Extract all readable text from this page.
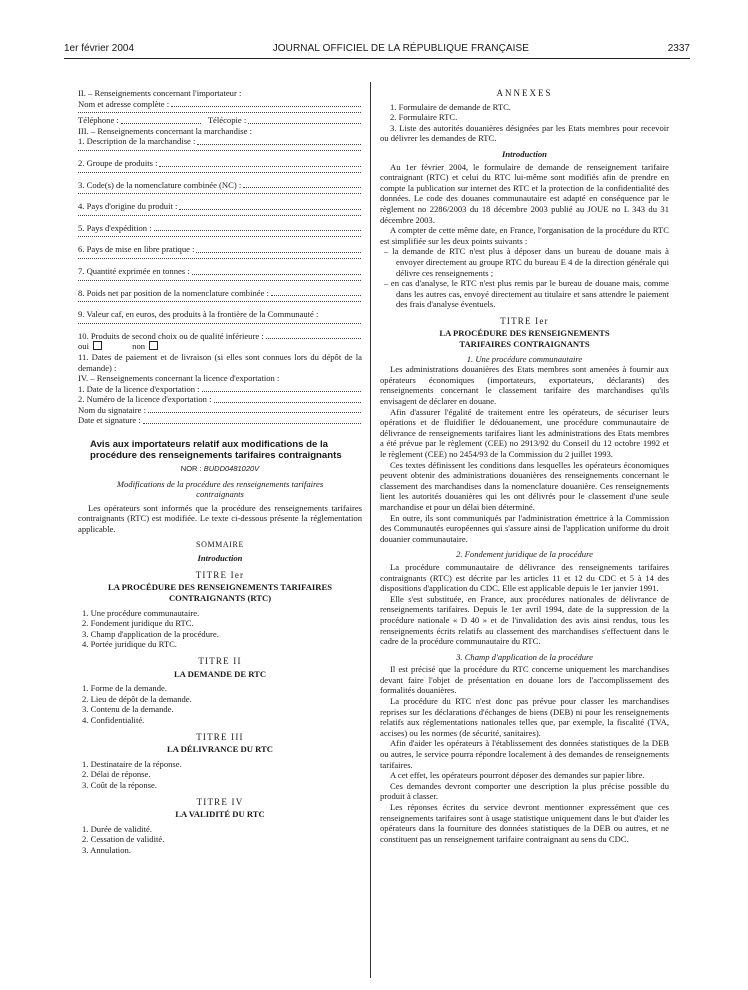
1er février 2004	JOURNAL OFFICIEL DE LA RÉPUBLIQUE FRANÇAISE	2337
II. – Renseignements concernant l'importateur :
Nom et adresse complète :
Téléphone :	Télécopie :
III. – Renseignements concernant la marchandise :
1. Description de la marchandise :
2. Groupe de produits :
3. Code(s) de la nomenclature combinée (NC) :
4. Pays d'origine du produit :
5. Pays d'expédition :
6. Pays de mise en libre pratique :
7. Quantité exprimée en tonnes :
8. Poids net par position de la nomenclature combinée :

9. Valeur caf, en euros, des produits à la frontière de la Communauté :

10. Produits de second choix ou de qualité inférieure :
oui	non

11. Dates de paiement et de livraison (si elles sont connues lors du dépôt de la demande) :

IV. – Renseignements concernant la licence d'exportation :
1. Date de la licence d'exportation :
2. Numéro de la licence d'exportation :
Nom du signataire :
Date et signature :
Avis aux importateurs relatif aux modifications de la procédure des renseignements tarifaires contraignants
NOR : BUDD0481020V
Modifications de la procédure des renseignements tarifaires contraignants

Les opérateurs sont informés que la procédure des renseignements tarifaires contraignants (RTC) est modifiée. Le texte ci-dessous présente la réglementation applicable.

SOMMAIRE
Introduction
TITRE Ier
LA PROCÉDURE DES RENSEIGNEMENTS TARIFAIRES CONTRAIGNANTS (RTC)
1. Une procédure communautaire.
2. Fondement juridique du RTC.
3. Champ d'application de la procédure.
4. Portée juridique du RTC.
TITRE II
LA DEMANDE DE RTC
1. Forme de la demande.
2. Lieu de dépôt de la demande.
3. Contenu de la demande.
4. Confidentialité.
TITRE III
LA DÉLIVRANCE DU RTC
1. Destinataire de la réponse.
2. Délai de réponse.
3. Coût de la réponse.
TITRE IV
LA VALIDITÉ DU RTC
1. Durée de validité.
2. Cessation de validité.
3. Annulation.
ANNEXES

1. Formulaire de demande de RTC.

2. Formulaire RTC.

3. Liste des autorités douanières désignées par les Etats membres pour recevoir ou délivrer les demandes de RTC.

Introduction

Au 1er février 2004, le formulaire de demande de renseignement tarifaire contraignant (RTC) et celui du RTC lui-même sont modifiés afin de prendre en compte la publication sur internet des RTC et la protection de la confidentialité des données. Le code des douanes communautaire est adapté en conséquence par le règlement no 2286/2003 du 18 décembre 2003 publié au JOUE no L 343 du 31 décembre 2003.

A compter de cette même date, en France, l'organisation de la procédure du RTC est simplifiée sur les deux points suivants :

– la demande de RTC n'est plus à déposer dans un bureau de douane mais à envoyer directement au groupe RTC du bureau E 4 de la direction générale qui délivre ces renseignements ;

– en cas d'analyse, le RTC n'est plus remis par le bureau de douane mais, comme dans les autres cas, envoyé directement au titulaire et sans attendre le paiement des frais d'analyse éventuels.

TITRE Ier
LA PROCÉDURE DES RENSEIGNEMENTS TARIFAIRES CONTRAIGNANTS
1. Une procédure communautaire

Les administrations douanières des Etats membres sont amenées à fournir aux opérateurs économiques (importateurs, exportateurs, déclarants) des renseignements concernant le classement tarifaire des marchandises qu'ils envisagent de déclarer en douane.

Afin d'assurer l'égalité de traitement entre les opérateurs, de sécuriser leurs opérations et de fluidifier le dédouanement, une procédure communautaire de délivrance de renseignements tarifaires liant les administrations des Etats membres a été prévue par le règlement (CEE) no 2913/92 du Conseil du 12 octobre 1992 et le règlement (CEE) no 2454/93 de la Commission du 2 juillet 1993.

Ces textes définissent les conditions dans lesquelles les opérateurs économiques peuvent obtenir des administrations douanières des renseignements concernant le classement des marchandises dans la nomenclature douanière. Ces renseignements lient les autorités douanières qui les ont délivrés pour le classement d'une seule marchandise et pour un délai bien déterminé.

En outre, ils sont communiqués par l'administration émettrice à la Commission des Communautés européennes qui s'assure ainsi de l'application uniforme du droit douanier communautaire.

2. Fondement juridique de la procédure

La procédure communautaire de délivrance des renseignements tarifaires contraignants (RTC) est décrite par les articles 11 et 12 du CDC et 5 à 14 des dispositions d'application du CDC. Elle est applicable depuis le 1er janvier 1991.

Elle s'est substituée, en France, aux procédures nationales de délivrance de renseignements tarifaires. Depuis le 1er avril 1994, date de la suppression de la procédure nationale « D 40 » et de l'invalidation des avis ainsi rendus, tous les renseignements écrits relatifs au classement des marchandises s'effectuent dans le cadre de la procédure communautaire du RTC.

3. Champ d'application de la procédure

Il est précisé que la procédure du RTC concerne uniquement les marchandises devant faire l'objet de présentation en douane lors de l'accomplissement des formalités douanières.

La procédure du RTC n'est donc pas prévue pour classer les marchandises reprises sur les déclarations d'échanges de biens (DEB) ni pour les renseignements relatifs aux réglementations nationales telles que, par exemple, la fiscalité (TVA, accises) ou les normes (de sécurité, sanitaires).

Afin d'aider les opérateurs à l'établissement des données statistiques de la DEB ou autres, le service pourra répondre localement à des demandes de renseignements tarifaires.

A cet effet, les opérateurs pourront déposer des demandes sur papier libre.

Ces demandes devront comporter une description la plus précise possible du produit à classer.

Les réponses écrites du service devront mentionner expressément que ces renseignements tarifaires sont à usage statistique uniquement dans le but d'aider les opérateurs dans la fourniture des données statistiques de la DEB ou autres, et ne constituent pas un renseignement tarifaire contraignant au sens du CDC.
